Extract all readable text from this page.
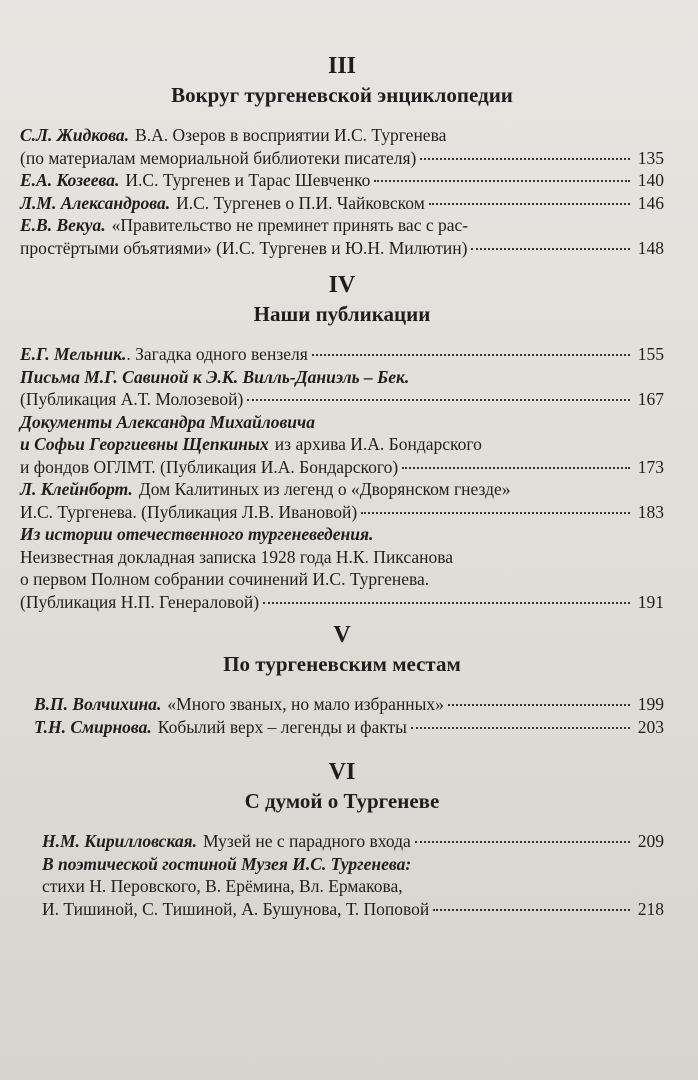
III
Вокруг тургеневской энциклопедии
С.Л. Жидкова. В.А. Озеров в восприятии И.С. Тургенева
(по материалам мемориальной библиотеки писателя)	135
Е.А. Козеева. И.С. Тургенев и Тарас Шевченко	140
Л.М. Александрова. И.С. Тургенев о П.И. Чайковском	146
Е.В. Векуа. «Правительство не преминет принять вас с рас-
простёртыми объятиями» (И.С. Тургенев и Ю.Н. Милютин)	148
IV
Наши публикации
Е.Г. Мельник.. Загадка одного вензеля	155
Письма М.Г. Савиной к Э.К. Вилль-Даниэль – Бек.
(Публикация А.Т. Молозевой)	167
Документы Александра Михайловича
и Софьи Георгиевны Щепкиных из архива И.А. Бондарского
и фондов ОГЛМТ. (Публикация И.А. Бондарского)	173
Л. Клейнборт. Дом Калитиных из легенд о «Дворянском гнезде»
И.С. Тургенева. (Публикация Л.В. Ивановой)	183
Из истории отечественного тургеневедения.
Неизвестная докладная записка 1928 года Н.К. Пиксанова
о первом Полном собрании сочинений И.С. Тургенева.
(Публикация Н.П. Генераловой)	191
V
По тургеневским местам
В.П. Волчихина. «Много званых, но мало избранных»	199
Т.Н. Смирнова. Кобылий верх – легенды и факты	203
VI
С думой о Тургеневе
Н.М. Кирилловская. Музей не с парадного входа	209
В поэтической гостиной Музея И.С. Тургенева:
стихи Н. Перовского, В. Ерёмина, Вл. Ермакова,
И. Тишиной, С. Тишиной, А. Бушунова, Т. Поповой	218
